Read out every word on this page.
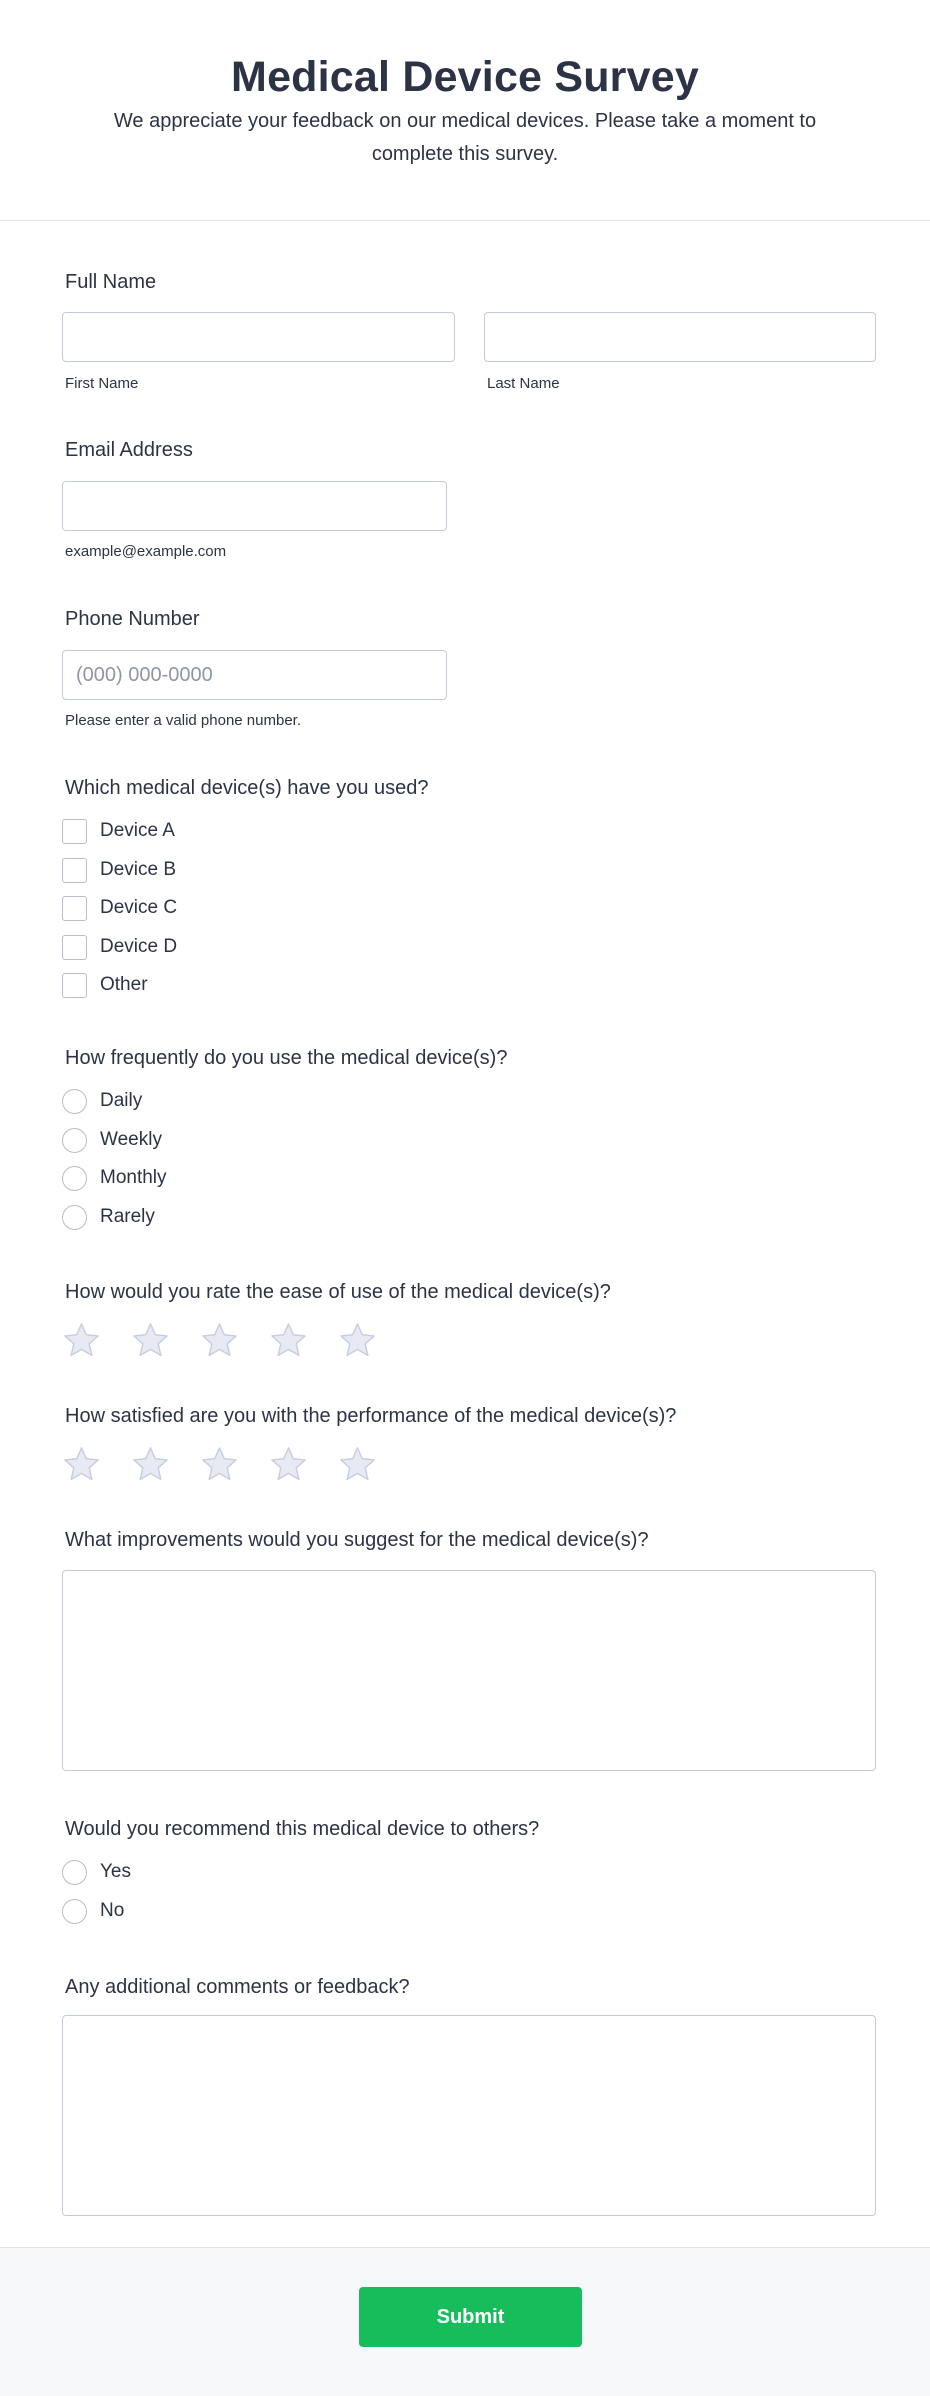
Medical Device Survey

We appreciate your feedback on our medical devices. Please take a moment to complete this survey.

Full Name
First Name	Last Name
Email Address
example@example.com
Phone Number
(000) 000-0000
Please enter a valid phone number.
Which medical device(s) have you used?
Device A
Device B
Device C
Device D
Other
How frequently do you use the medical device(s)?
Daily
Weekly
Monthly
Rarely
How would you rate the ease of use of the medical device(s)?
How satisfied are you with the performance of the medical device(s)?
What improvements would you suggest for the medical device(s)?
Would you recommend this medical device to others?
Yes
No
Any additional comments or feedback?
Submit
